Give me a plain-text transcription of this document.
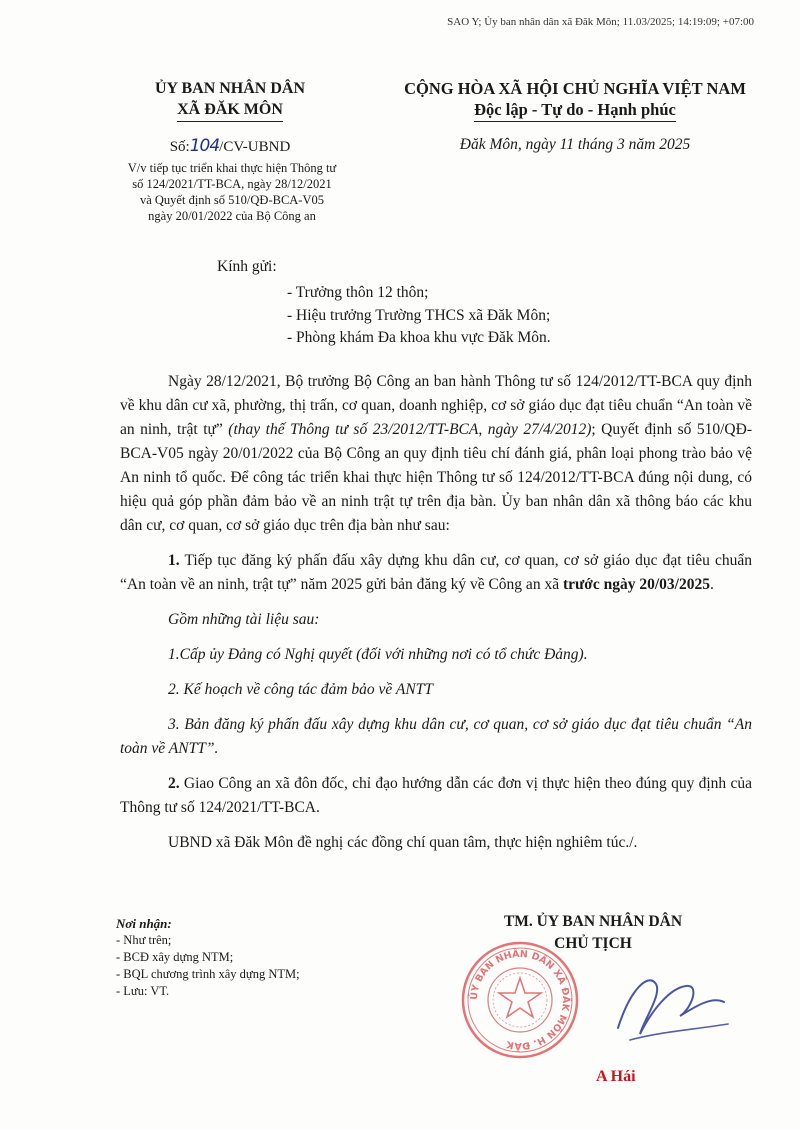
SAO Y; Ủy ban nhân dân xã Đăk Môn; 11.03/2025; 14:19:09; +07:00
ỦY BAN NHÂN DÂN
XÃ ĐĂK MÔN
CỘNG HÒA XÃ HỘI CHỦ NGHĨA VIỆT NAM
Độc lập - Tự do - Hạnh phúc
Số:104/CV-UBND	Đăk Môn, ngày 11 tháng 3 năm 2025
V/v tiếp tục triển khai thực hiện Thông tư
số 124/2021/TT-BCA, ngày 28/12/2021
và Quyết định số 510/QĐ-BCA-V05
ngày 20/01/2022 của Bộ Công an
Kính gửi:
- Trưởng thôn 12 thôn;
- Hiệu trưởng Trường THCS xã Đăk Môn;
- Phòng khám Đa khoa khu vực Đăk Môn.

Ngày 28/12/2021, Bộ trưởng Bộ Công an ban hành Thông tư số 124/2012/TT-BCA quy định về khu dân cư xã, phường, thị trấn, cơ quan, doanh nghiệp, cơ sở giáo dục đạt tiêu chuẩn “An toàn về an ninh, trật tự” (thay thế Thông tư số 23/2012/TT-BCA, ngày 27/4/2012); Quyết định số 510/QĐ-BCA-V05 ngày 20/01/2022 của Bộ Công an quy định tiêu chí đánh giá, phân loại phong trào bảo vệ An ninh tổ quốc. Để công tác triển khai thực hiện Thông tư số 124/2012/TT-BCA đúng nội dung, có hiệu quả góp phần đảm bảo về an ninh trật tự trên địa bàn. Ủy ban nhân dân xã thông báo các khu dân cư, cơ quan, cơ sở giáo dục trên địa bàn như sau:

1. Tiếp tục đăng ký phấn đấu xây dựng khu dân cư, cơ quan, cơ sở giáo dục đạt tiêu chuẩn “An toàn về an ninh, trật tự” năm 2025 gửi bản đăng ký về Công an xã trước ngày 20/03/2025.

Gồm những tài liệu sau:

1.Cấp ủy Đảng có Nghị quyết (đối với những nơi có tổ chức Đảng).

2. Kế hoạch về công tác đảm bảo về ANTT

3. Bản đăng ký phấn đấu xây dựng khu dân cư, cơ quan, cơ sở giáo dục đạt tiêu chuẩn “An toàn về ANTT”.

2. Giao Công an xã đôn đốc, chỉ đạo hướng dẫn các đơn vị thực hiện theo đúng quy định của Thông tư số 124/2021/TT-BCA.

UBND xã Đăk Môn đề nghị các đồng chí quan tâm, thực hiện nghiêm túc./.

Nơi nhận:
- Như trên;
- BCĐ xây dựng NTM;
- BQL chương trình xây dựng NTM;
- Lưu: VT.
TM. ỦY BAN NHÂN DÂN
CHỦ TỊCH
ỦY BAN NHÂN DÂN XÃ ĐĂK MÔN H. ĐĂK
A Hái
